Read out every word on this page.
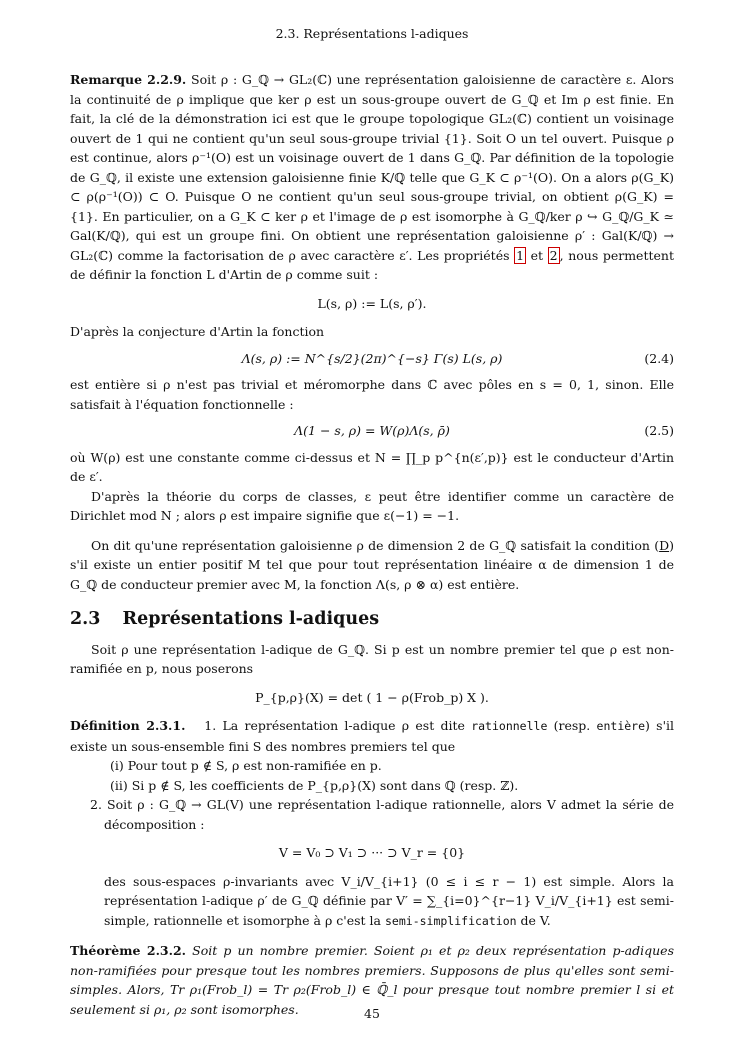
2.3. Représentations l-adiques

Remarque 2.2.9. Soit ρ : G_ℚ → GL₂(ℂ) une représentation galoisienne de caractère ε. Alors la continuité de ρ implique que ker ρ est un sous-groupe ouvert de G_ℚ et Im ρ est finie. En fait, la clé de la démonstration ici est que le groupe topologique GL₂(ℂ) contient un voisinage ouvert de 1 qui ne contient qu'un seul sous-groupe trivial {1}. Soit O un tel ouvert. Puisque ρ est continue, alors ρ⁻¹(O) est un voisinage ouvert de 1 dans G_ℚ. Par définition de la topologie de G_ℚ, il existe une extension galoisienne finie K/ℚ telle que G_K ⊂ ρ⁻¹(O). On a alors ρ(G_K) ⊂ ρ(ρ⁻¹(O)) ⊂ O. Puisque O ne contient qu'un seul sous-groupe trivial, on obtient ρ(G_K) = {1}. En particulier, on a G_K ⊂ ker ρ et l'image de ρ est isomorphe à G_ℚ/ker ρ ↪ G_ℚ/G_K ≃ Gal(K/ℚ), qui est un groupe fini. On obtient une représentation galoisienne ρ′ : Gal(K/ℚ) → GL₂(ℂ) comme la factorisation de ρ avec caractère ε′. Les propriétés 1 et 2 , nous permettent de définir la fonction L d'Artin de ρ comme suit :

L(s, ρ) := L(s, ρ′).

D'après la conjecture d'Artin la fonction

Λ(s, ρ) := N^{s/2}(2π)^{−s} Γ(s) L(s, ρ)	(2.4)

est entière si ρ n'est pas trivial et méromorphe dans ℂ avec pôles en s = 0, 1, sinon. Elle satisfait à l'équation fonctionnelle :

Λ(1 − s, ρ) = W(ρ)Λ(s, ρ̄)	(2.5)

où W(ρ) est une constante comme ci-dessus et N = ∏_p p^{n(ε′,p)} est le conducteur d'Artin de ε′.

D'après la théorie du corps de classes, ε peut être identifier comme un caractère de Dirichlet mod N ; alors ρ est impaire signifie que ε(−1) = −1.

On dit qu'une représentation galoisienne ρ de dimension 2 de G_ℚ satisfait la condition (D) s'il existe un entier positif M tel que pour tout représentation linéaire α de dimension 1 de G_ℚ de conducteur premier avec M, la fonction Λ(s, ρ ⊗ α) est entière.

2.3 Représentations l-adiques

Soit ρ une représentation l-adique de G_ℚ. Si p est un nombre premier tel que ρ est non-ramifiée en p, nous poserons

P_{p,ρ}(X) = det ( 1 − ρ(Frob_p) X ).

Définition 2.3.1. 1. La représentation l-adique ρ est dite rationnelle (resp. entière) s'il existe un sous-ensemble fini S des nombres premiers tel que

(i) Pour tout p ∉ S, ρ est non-ramifiée en p.

(ii) Si p ∉ S, les coefficients de P_{p,ρ}(X) sont dans ℚ (resp. ℤ).

2. Soit ρ : G_ℚ → GL(V) une représentation l-adique rationnelle, alors V admet la série de décomposition :

V = V₀ ⊃ V₁ ⊃ ··· ⊃ V_r = {0}

des sous-espaces ρ-invariants avec V_i/V_{i+1} (0 ≤ i ≤ r − 1) est simple. Alors la représentation l-adique ρ′ de G_ℚ définie par V′ = ∑_{i=0}^{r−1} V_i/V_{i+1} est semi-simple, rationnelle et isomorphe à ρ c'est la semi-simplification de V.

Théorème 2.3.2. Soit p un nombre premier. Soient ρ₁ et ρ₂ deux représentation p-adiques non-ramifiées pour presque tout les nombres premiers. Supposons de plus qu'elles sont semi-simples. Alors, Tr ρ₁(Frob_l) = Tr ρ₂(Frob_l) ∈ ℚ̄_l pour presque tout nombre premier l si et seulement si ρ₁, ρ₂ sont isomorphes.	45
